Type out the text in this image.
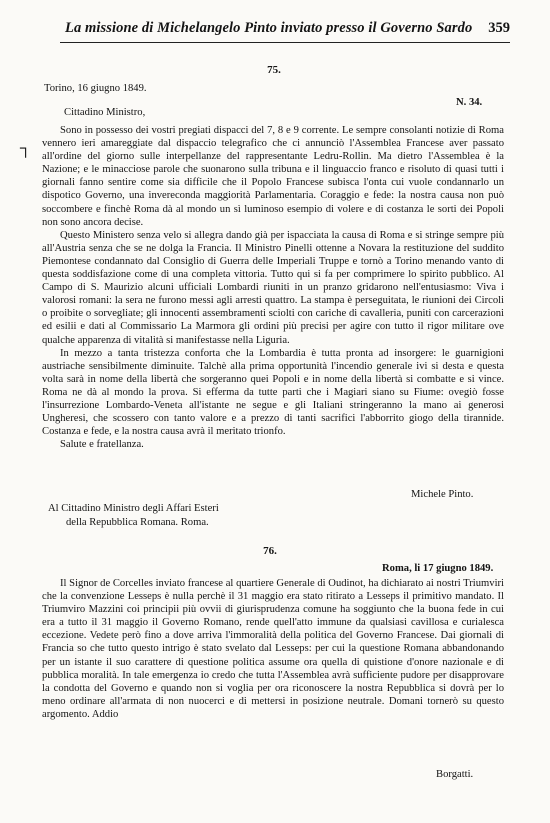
La missione di Michelangelo Pinto inviato presso il Governo Sardo 359
75.
Torino, 16 giugno 1849.
N. 34.
Cittadino Ministro,
┐

Sono in possesso dei vostri pregiati dispacci del 7, 8 e 9 corrente. Le sempre consolanti notizie di Roma vennero ieri amareggiate dal dispaccio telegrafico che ci annunciò l'Assemblea Francese aver passato all'ordine del giorno sulle interpellanze del rappresentante Ledru-Rollin. Ma dietro l'Assemblea è la Nazione; e le minacciose parole che suonarono sulla tribuna e il linguaccio franco e risoluto di quasi tutti i giornali fanno sentire come sia difficile che il Popolo Francese subisca l'onta cui vuole condannarlo un dispotico Governo, una invereconda maggiorità Parlamentaria. Coraggio e fede: la nostra causa non può soccombere e finchè Roma dà al mondo un sì luminoso esempio di volere e di costanza le sorti dei Popoli non sono ancora decise.

Questo Ministero senza velo si allegra dando già per ispacciata la causa di Roma e si stringe sempre più all'Austria senza che se ne dolga la Francia. Il Ministro Pinelli ottenne a Novara la restituzione del suddito Piemontese condannato dal Consiglio di Guerra delle Imperiali Truppe e tornò a Torino menando vanto di questa soddisfazione come di una completa vittoria. Tutto qui si fa per comprimere lo spirito pubblico. Al Campo di S. Maurizio alcuni ufficiali Lombardi riuniti in un pranzo gridarono nell'entusiasmo: Viva i valorosi romani: la sera ne furono messi agli arresti quattro. La stampa è perseguitata, le riunioni dei Circoli o proibite o sorvegliate; gli innocenti assembramenti sciolti con cariche di cavalleria, puniti con carcerazioni ed esilii e dati al Commissario La Marmora gli ordini più precisi per agire con tutto il rigor militare ove qualche apparenza di vitalità si manifestasse nella Liguria.

In mezzo a tanta tristezza conforta che la Lombardia è tutta pronta ad insorgere: le guarnigioni austriache sensibilmente diminuite. Talchè alla prima opportunità l'incendio generale ivi si desta e questa volta sarà in nome della libertà che sorgeranno quei Popoli e in nome della libertà si combatte e si vince. Roma ne dà al mondo la prova. Si efferma da tutte parti che i Magiari siano su Fiume: ovegiò fosse l'insurrezione Lombardo-Veneta all'istante ne segue e gli Italiani stringeranno la mano ai generosi Ungheresi, che scossero con tanto valore e a prezzo di tanti sacrifici l'abborrito giogo della tirannide. Costanza e fede, e la nostra causa avrà il meritato trionfo.

Salute e fratellanza.

Michele Pinto.
Al Cittadino Ministro degli Affari Esteri
della Repubblica Romana. Roma.
76.
Roma, li 17 giugno 1849.

Il Signor de Corcelles inviato francese al quartiere Generale di Oudinot, ha dichiarato ai nostri Triumviri che la convenzione Lesseps è nulla perchè il 31 maggio era stato ritirato a Lesseps il primitivo mandato. Il Triumviro Mazzini coi principii più ovvii di giurisprudenza comune ha soggiunto che la buona fede in cui era a tutto il 31 maggio il Governo Romano, rende quell'atto immune da qualsiasi cavillosa e curialesca eccezione. Vedete però fino a dove arriva l'immoralità della politica del Governo Francese. Dai giornali di Francia so che tutto questo intrigo è stato svelato dal Lesseps: per cui la questione Romana abbandonando per un istante il suo carattere di questione politica assume ora quella di quistione d'onore nazionale e di pubblica moralità. In tale emergenza io credo che tutta l'Assemblea avrà sufficiente pudore per disapprovare la condotta del Governo e quando non si voglia per ora riconoscere la nostra Repubblica si dovrà per lo meno ordinare all'armata di non nuocerci e di mettersi in posizione neutrale. Domani tornerò su questo argomento. Addio

Borgatti.
